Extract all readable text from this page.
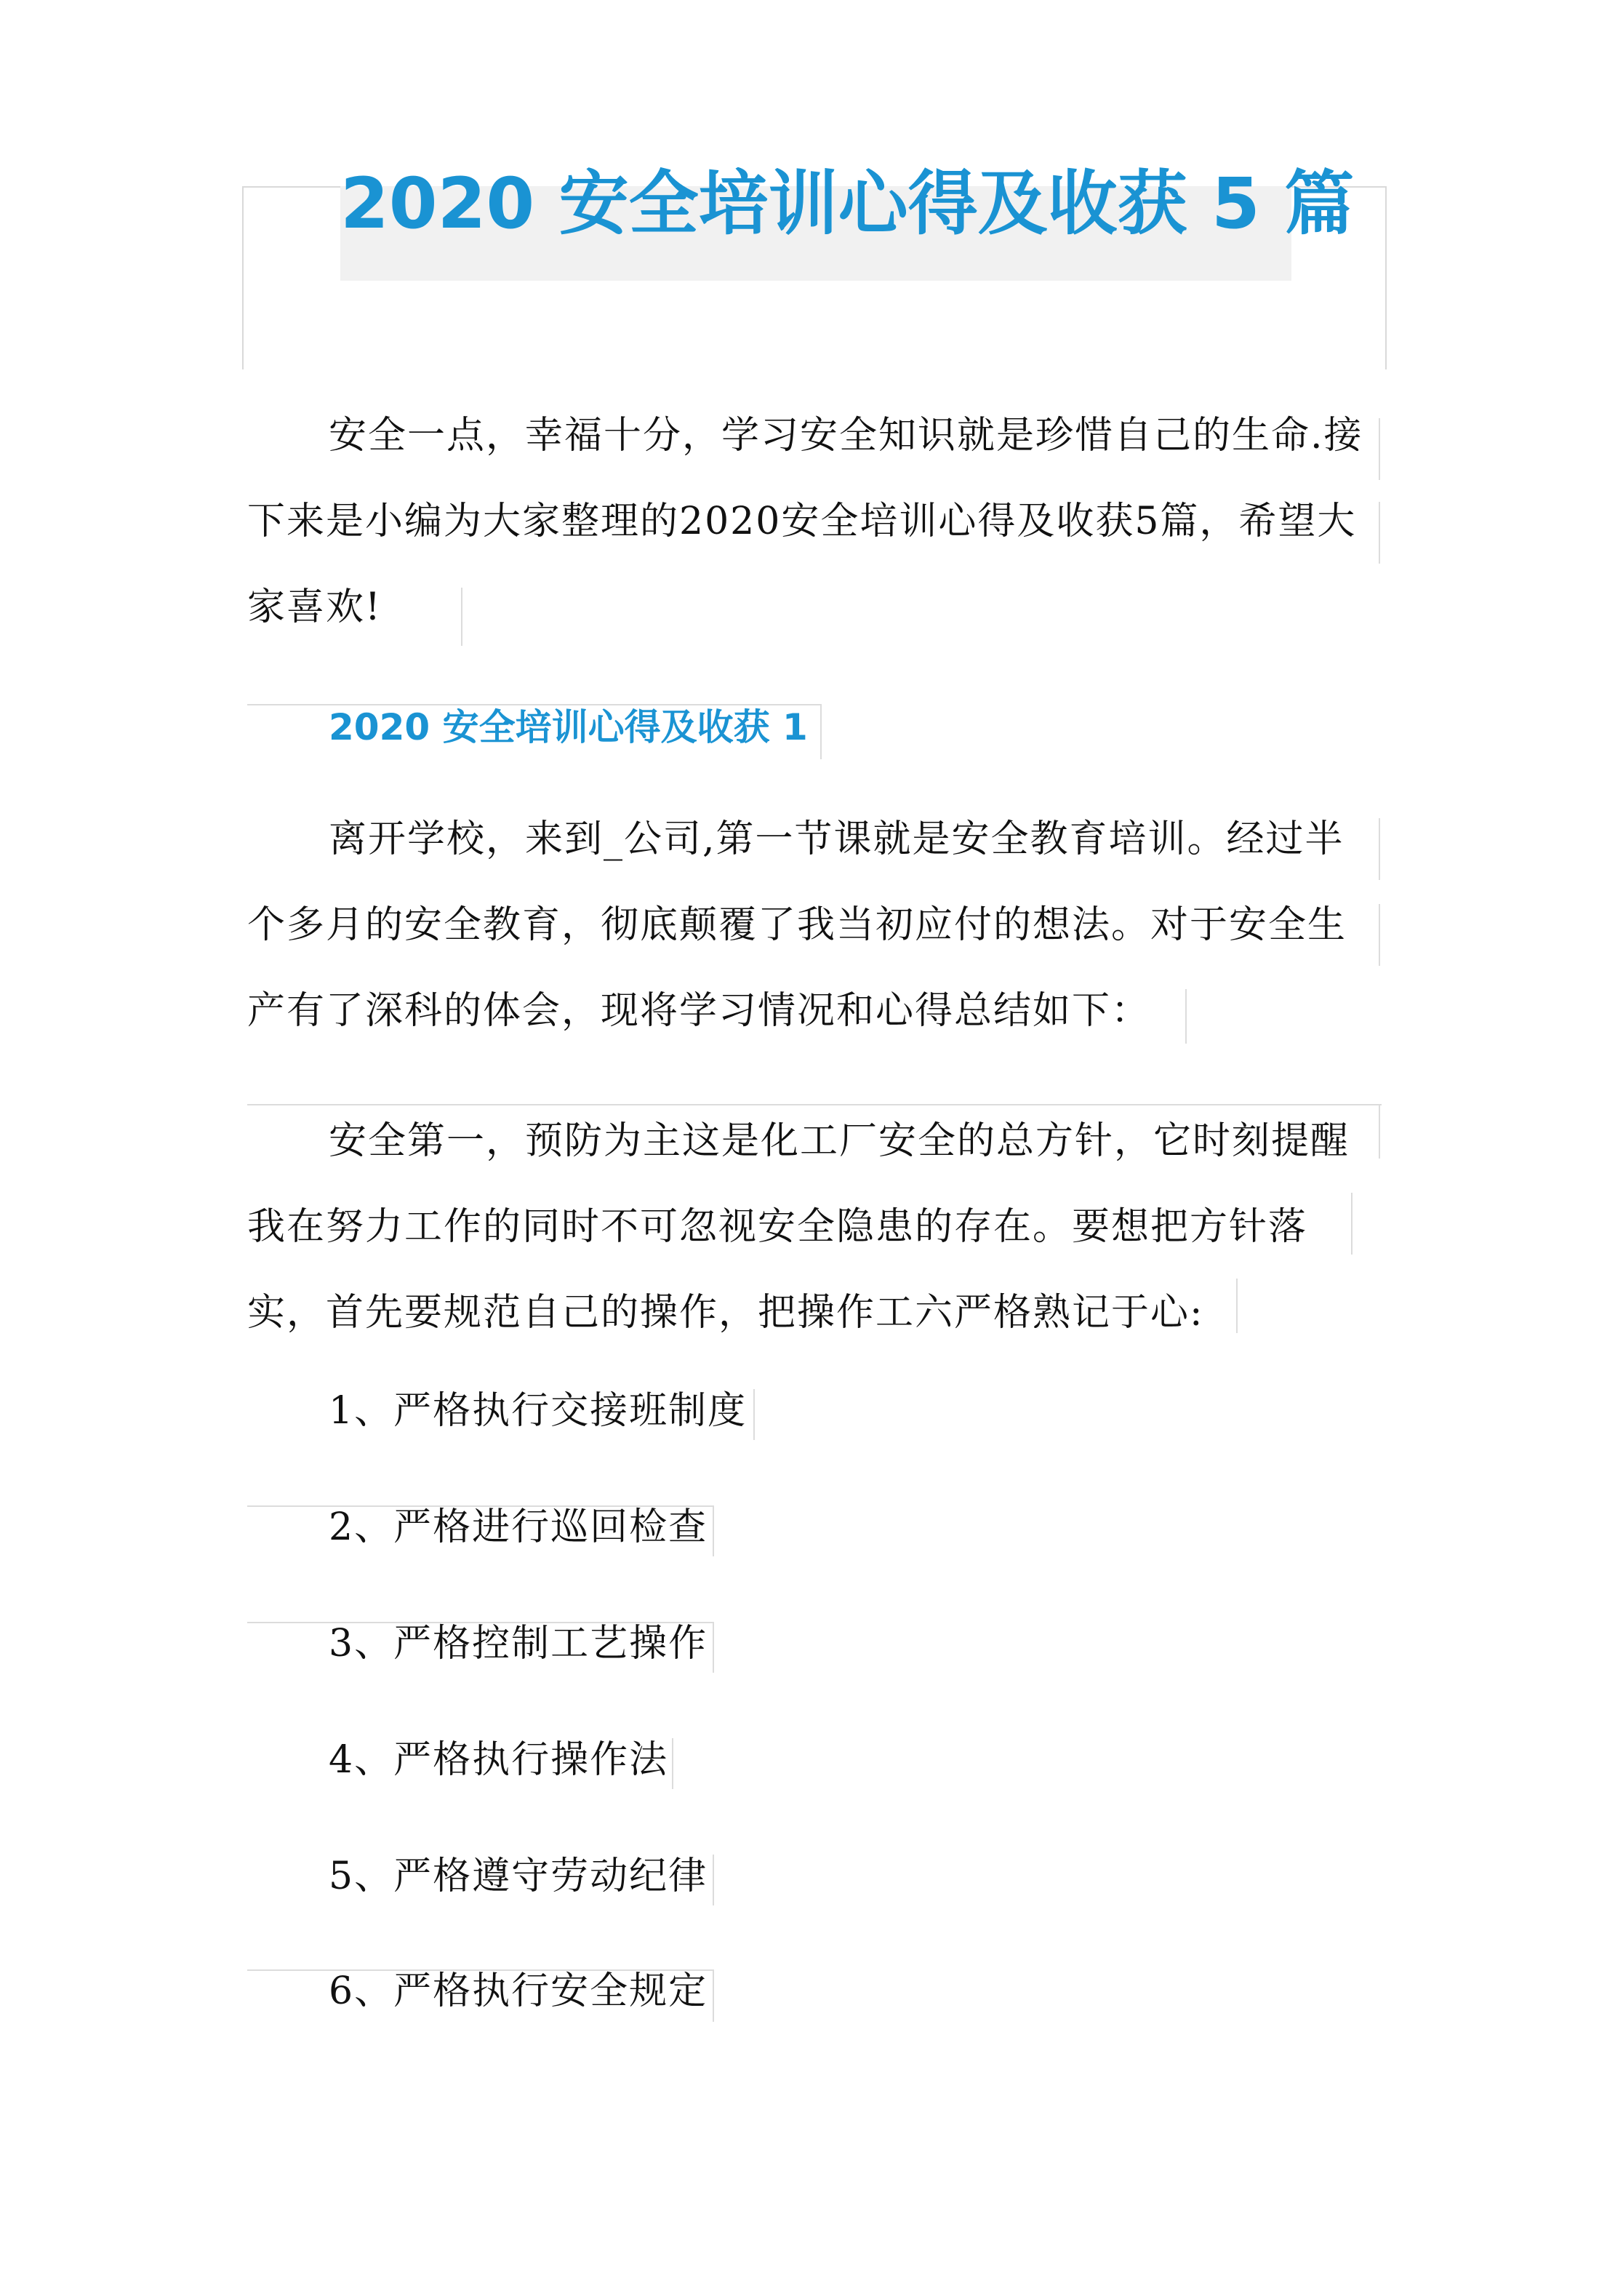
2020 安全培训心得及收获 5 篇

安全一点，幸福十分，学习安全知识就是珍惜自己的生命.接下来是小编为大家整理的2020安全培训心得及收获5篇，希望大家喜欢!

2020 安全培训心得及收获 1

离开学校，来到_公司,第一节课就是安全教育培训。经过半个多月的安全教育，彻底颠覆了我当初应付的想法。对于安全生产有了深科的体会，现将学习情况和心得总结如下：

安全第一，预防为主这是化工厂安全的总方针，它时刻提醒我在努力工作的同时不可忽视安全隐患的存在。要想把方针落实，首先要规范自己的操作，把操作工六严格熟记于心:

1、严格执行交接班制度

2、严格进行巡回检查

3、严格控制工艺操作

4、严格执行操作法

5、严格遵守劳动纪律

6、严格执行安全规定
